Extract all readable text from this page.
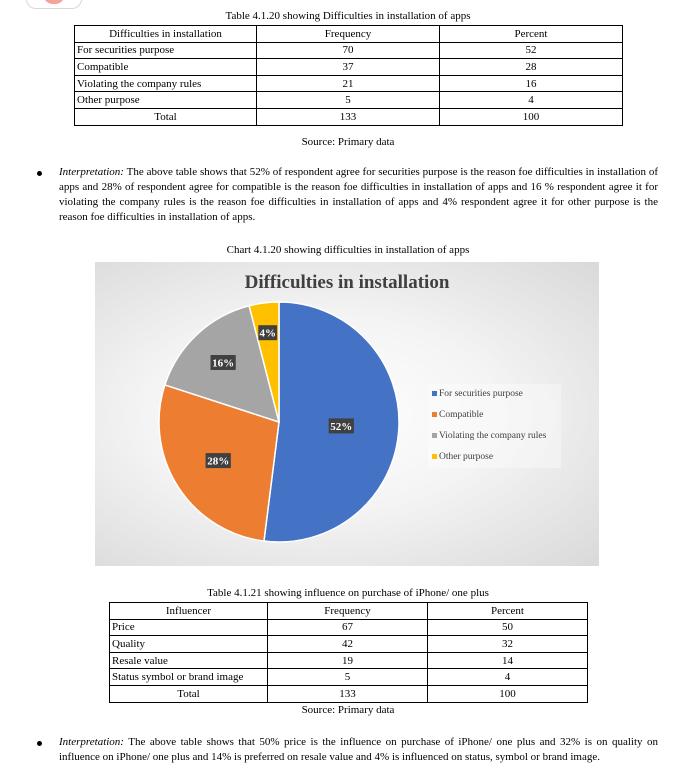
Table 4.1.20 showing Difficulties in installation of apps
Difficulties in installation	Frequency	Percent
For securities purpose	70	52
Compatible	37	28
Violating the company rules	21	16
Other purpose	5	4
Total	133	100
Source: Primary data
Interpretation: The above table shows that 52% of respondent agree for securities purpose is the reason foe difficulties in installation of apps and 28% of respondent agree for compatible is the reason foe difficulties in installation of apps and 16 % respondent agree it for violating the company rules is the reason foe difficulties in installation of apps and 4% respondent agree it for other purpose is the reason foe difficulties in installation of apps.
Chart 4.1.20 showing difficulties in installation of apps
Difficulties in installation
52%
28%
16%
4%
For securities purpose
Compatible
Violating the company rules
Other purpose
Table 4.1.21 showing influence on purchase of iPhone/ one plus
Influencer	Frequency	Percent
Price	67	50
Quality	42	32
Resale value	19	14
Status symbol or brand image	5	4
Total	133	100
Source: Primary data
Interpretation: The above table shows that 50% price is the influence on purchase of iPhone/ one plus and 32% is on quality on influence on iPhone/ one plus and 14% is preferred on resale value and 4% is influenced on status, symbol or brand image.
